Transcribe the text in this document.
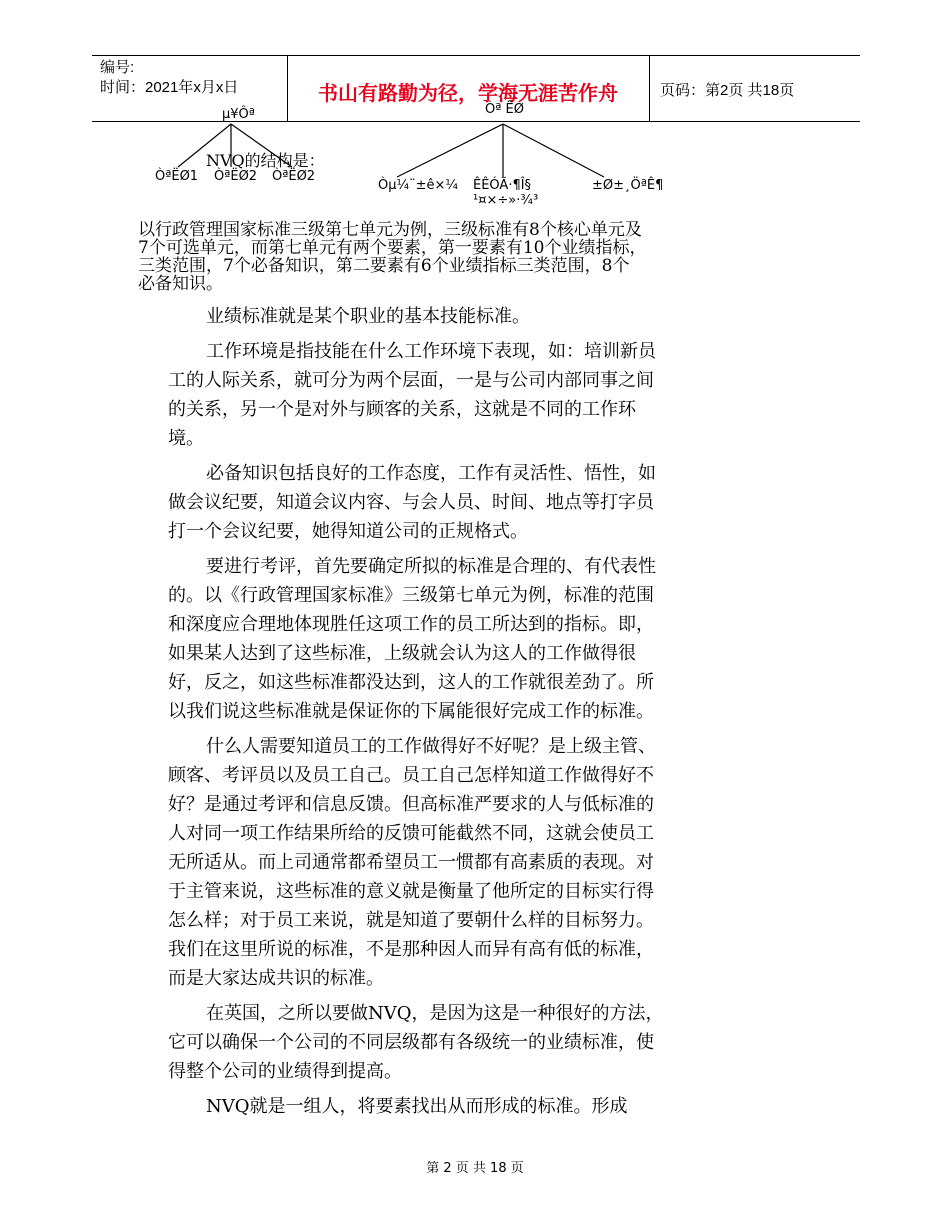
编号:
时间：2021年x月x日	书山有路勤为径，学海无涯苦作舟	页码：第2页 共18页
µ¥Ôª	Òª ËØ
NVQ的结构是：
ÒªËØ1 ÒªËØ2 ÒªËØ2
Òµ¼¨±ê×¼ ÊÊÓÃ·¶Î§
¹¤×÷»·¾³
±Ø±¸ÖªÊ¶

以行政管理国家标准三级第七单元为例，三级标准有8个核心单元及

7个可选单元，而第七单元有两个要素，第一要素有10个业绩指标，

三类范围，7个必备知识，第二要素有6个业绩指标三类范围，8个

必备知识。

业绩标准就是某个职业的基本技能标准。

工作环境是指技能在什么工作环境下表现，如：培训新员工的人际关系，就可分为两个层面，一是与公司内部同事之间的关系，另一个是对外与顾客的关系，这就是不同的工作环境。

必备知识包括良好的工作态度，工作有灵活性、悟性，如做会议纪要，知道会议内容、与会人员、时间、地点等打字员打一个会议纪要，她得知道公司的正规格式。

要进行考评，首先要确定所拟的标准是合理的、有代表性的。以《行政管理国家标准》三级第七单元为例，标准的范围和深度应合理地体现胜任这项工作的员工所达到的指标。即，如果某人达到了这些标准，上级就会认为这人的工作做得很好，反之，如这些标准都没达到，这人的工作就很差劲了。所以我们说这些标准就是保证你的下属能很好完成工作的标准。

什么人需要知道员工的工作做得好不好呢？是上级主管、顾客、考评员以及员工自己。员工自己怎样知道工作做得好不好？是通过考评和信息反馈。但高标准严要求的人与低标准的人对同一项工作结果所给的反馈可能截然不同，这就会使员工无所适从。而上司通常都希望员工一惯都有高素质的表现。对于主管来说，这些标准的意义就是衡量了他所定的目标实行得怎么样；对于员工来说，就是知道了要朝什么样的目标努力。我们在这里所说的标准，不是那种因人而异有高有低的标准，而是大家达成共识的标准。

在英国，之所以要做NVQ，是因为这是一种很好的方法，它可以确保一个公司的不同层级都有各级统一的业绩标准，使得整个公司的业绩得到提高。

NVQ就是一组人，将要素找出从而形成的标准。形成

第 2 页 共 18 页
